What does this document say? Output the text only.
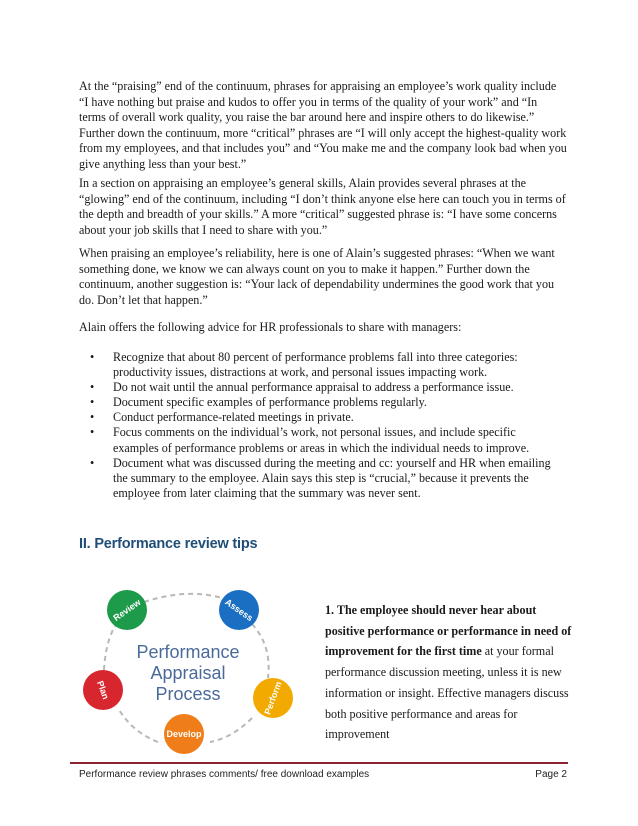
At the “praising” end of the continuum, phrases for appraising an employee’s work quality include “I have nothing but praise and kudos to offer you in terms of the quality of your work” and “In terms of overall work quality, you raise the bar around here and inspire others to do likewise.” Further down the continuum, more “critical” phrases are “I will only accept the highest-quality work from my employees, and that includes you” and “You make me and the company look bad when you give anything less than your best.”

In a section on appraising an employee’s general skills, Alain provides several phrases at the “glowing” end of the continuum, including “I don’t think anyone else here can touch you in terms of the depth and breadth of your skills.” A more “critical” suggested phrase is: “I have some concerns about your job skills that I need to share with you.”

When praising an employee’s reliability, here is one of Alain’s suggested phrases: “When we want something done, we know we can always count on you to make it happen.” Further down the continuum, another suggestion is: “Your lack of dependability undermines the good work that you do. Don’t let that happen.”

Alain offers the following advice for HR professionals to share with managers:

• Recognize that about 80 percent of performance problems fall into three categories: productivity issues, distractions at work, and personal issues impacting work.
• Do not wait until the annual performance appraisal to address a performance issue.
• Document specific examples of performance problems regularly.
• Conduct performance-related meetings in private.
• Focus comments on the individual’s work, not personal issues, and include specific examples of performance problems or areas in which the individual needs to improve.
• Document what was discussed during the meeting and cc: yourself and HR when emailing the summary to the employee. Alain says this step is “crucial,” because it prevents the employee from later claiming that the summary was never sent.
II. Performance review tips
Review	Assess
Perform
Develop
Plan
Performance
Appraisal
Process

1. The employee should never hear about positive performance or performance in need of improvement for the first time at your formal performance discussion meeting, unless it is new information or insight. Effective managers discuss both positive performance and areas for improvement

Performance review phrases comments/ free download examples	Page 2
